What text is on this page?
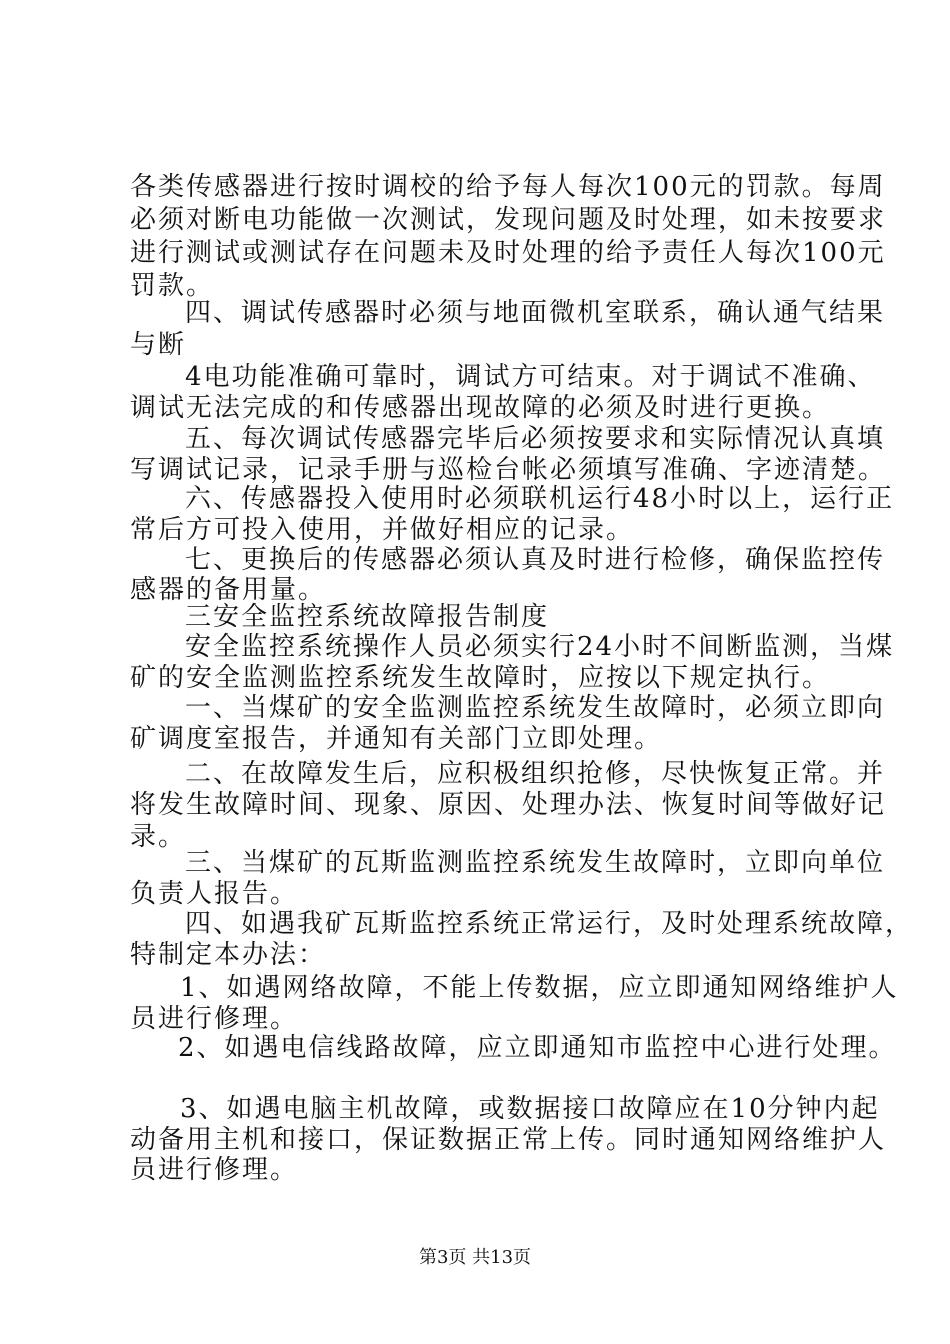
各类传感器进行按时调校的给予每人每次100元的罚款。每周

必须对断电功能做一次测试，发现问题及时处理，如未按要求

进行测试或测试存在问题未及时处理的给予责任人每次100元

罚款。

四、调试传感器时必须与地面微机室联系，确认通气结果

与断

4电功能准确可靠时，调试方可结束。对于调试不准确、

调试无法完成的和传感器出现故障的必须及时进行更换。

五、每次调试传感器完毕后必须按要求和实际情况认真填

写调试记录，记录手册与巡检台帐必须填写准确、字迹清楚。

六、传感器投入使用时必须联机运行48小时以上，运行正

常后方可投入使用，并做好相应的记录。

七、更换后的传感器必须认真及时进行检修，确保监控传

感器的备用量。

三安全监控系统故障报告制度

安全监控系统操作人员必须实行24小时不间断监测，当煤

矿的安全监测监控系统发生故障时，应按以下规定执行。

一、当煤矿的安全监测监控系统发生故障时，必须立即向

矿调度室报告，并通知有关部门立即处理。

二、在故障发生后，应积极组织抢修，尽快恢复正常。并

将发生故障时间、现象、原因、处理办法、恢复时间等做好记

录。

三、当煤矿的瓦斯监测监控系统发生故障时，立即向单位

负责人报告。

四、如遇我矿瓦斯监控系统正常运行，及时处理系统故障，

特制定本办法：

1、如遇网络故障，不能上传数据，应立即通知网络维护人

员进行修理。

2、如遇电信线路故障，应立即通知市监控中心进行处理。

3、如遇电脑主机故障，或数据接口故障应在10分钟内起

动备用主机和接口，保证数据正常上传。同时通知网络维护人

员进行修理。

第3页 共13页
